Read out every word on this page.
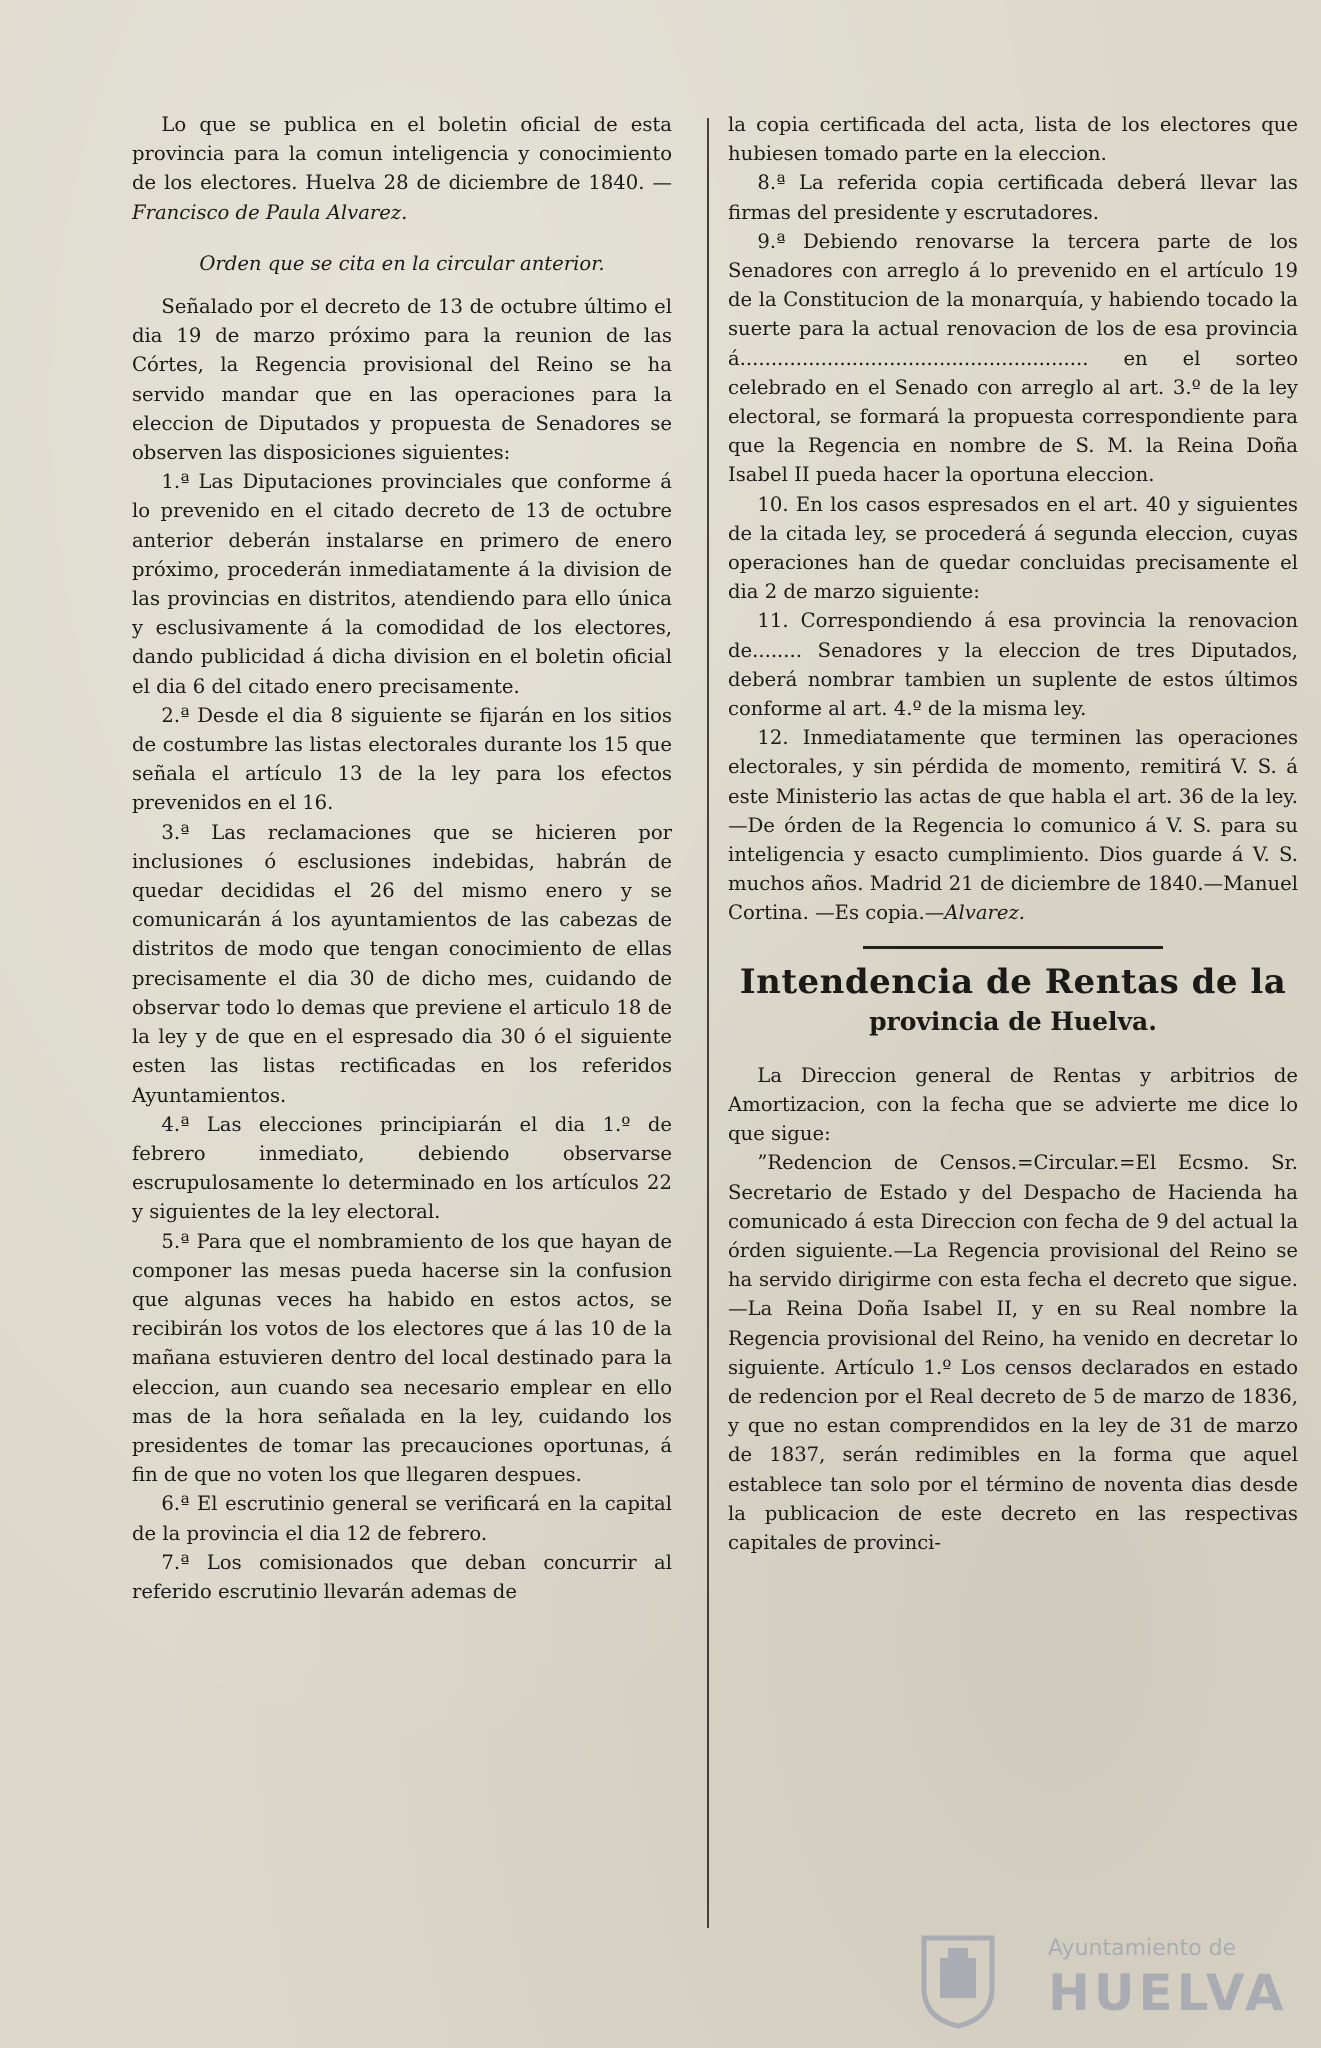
Lo que se publica en el boletin oficial de esta provincia para la comun inteligencia y conocimiento de los electores. Huelva 28 de diciembre de 1840. —Francisco de Paula Alvarez.

Orden que se cita en la circular anterior.

Señalado por el decreto de 13 de octubre último el dia 19 de marzo próximo para la reunion de las Córtes, la Regencia provisional del Reino se ha servido mandar que en las operaciones para la eleccion de Diputados y propuesta de Senadores se observen las disposiciones siguientes:

1.ª Las Diputaciones provinciales que conforme á lo prevenido en el citado decreto de 13 de octubre anterior deberán instalarse en primero de enero próximo, procederán inmediatamente á la division de las provincias en distritos, atendiendo para ello única y esclusivamente á la comodidad de los electores, dando publicidad á dicha division en el boletin oficial el dia 6 del citado enero precisamente.

2.ª Desde el dia 8 siguiente se fijarán en los sitios de costumbre las listas electorales durante los 15 que señala el artículo 13 de la ley para los efectos prevenidos en el 16.

3.ª Las reclamaciones que se hicieren por inclusiones ó esclusiones indebidas, habrán de quedar decididas el 26 del mismo enero y se comunicarán á los ayuntamientos de las cabezas de distritos de modo que tengan conocimiento de ellas precisamente el dia 30 de dicho mes, cuidando de observar todo lo demas que previene el articulo 18 de la ley y de que en el espresado dia 30 ó el siguiente esten las listas rectificadas en los referidos Ayuntamientos.

4.ª Las elecciones principiarán el dia 1.º de febrero inmediato, debiendo observarse escrupulosamente lo determinado en los artículos 22 y siguientes de la ley electoral.

5.ª Para que el nombramiento de los que hayan de componer las mesas pueda hacerse sin la confusion que algunas veces ha habido en estos actos, se recibirán los votos de los electores que á las 10 de la mañana estuvieren dentro del local destinado para la eleccion, aun cuando sea necesario emplear en ello mas de la hora señalada en la ley, cuidando los presidentes de tomar las precauciones oportunas, á fin de que no voten los que llegaren despues.

6.ª El escrutinio general se verificará en la capital de la provincia el dia 12 de febrero.

7.ª Los comisionados que deban concurrir al referido escrutinio llevarán ademas de

la copia certificada del acta, lista de los electores que hubiesen tomado parte en la eleccion.

8.ª La referida copia certificada deberá llevar las firmas del presidente y escrutadores.

9.ª Debiendo renovarse la tercera parte de los Senadores con arreglo á lo prevenido en el artículo 19 de la Constitucion de la monarquía, y habiendo tocado la suerte para la actual renovacion de los de esa provincia á........................................................ en el sorteo celebrado en el Senado con arreglo al art. 3.º de la ley electoral, se formará la propuesta correspondiente para que la Regencia en nombre de S. M. la Reina Doña Isabel II pueda hacer la oportuna eleccion.

10. En los casos espresados en el art. 40 y siguientes de la citada ley, se procederá á segunda eleccion, cuyas operaciones han de quedar concluidas precisamente el dia 2 de marzo siguiente:

11. Correspondiendo á esa provincia la renovacion de........ Senadores y la eleccion de tres Diputados, deberá nombrar tambien un suplente de estos últimos conforme al art. 4.º de la misma ley.

12. Inmediatamente que terminen las operaciones electorales, y sin pérdida de momento, remitirá V. S. á este Ministerio las actas de que habla el art. 36 de la ley.—De órden de la Regencia lo comunico á V. S. para su inteligencia y esacto cumplimiento. Dios guarde á V. S. muchos años. Madrid 21 de diciembre de 1840.—Manuel Cortina. —Es copia.—Alvarez.

Intendencia de Rentas de la

provincia de Huelva.

La Direccion general de Rentas y arbitrios de Amortizacion, con la fecha que se advierte me dice lo que sigue:

”Redencion de Censos.=Circular.=El Ecsmo. Sr. Secretario de Estado y del Despacho de Hacienda ha comunicado á esta Direccion con fecha de 9 del actual la órden siguiente.—La Regencia provisional del Reino se ha servido dirigirme con esta fecha el decreto que sigue.—La Reina Doña Isabel II, y en su Real nombre la Regencia provisional del Reino, ha venido en decretar lo siguiente. Artículo 1.º Los censos declarados en estado de redencion por el Real decreto de 5 de marzo de 1836, y que no estan comprendidos en la ley de 31 de marzo de 1837, serán redimibles en la forma que aquel establece tan solo por el término de noventa dias desde la publicacion de este decreto en las respectivas capitales de provinci-

Ayuntamiento de
HUELVA
